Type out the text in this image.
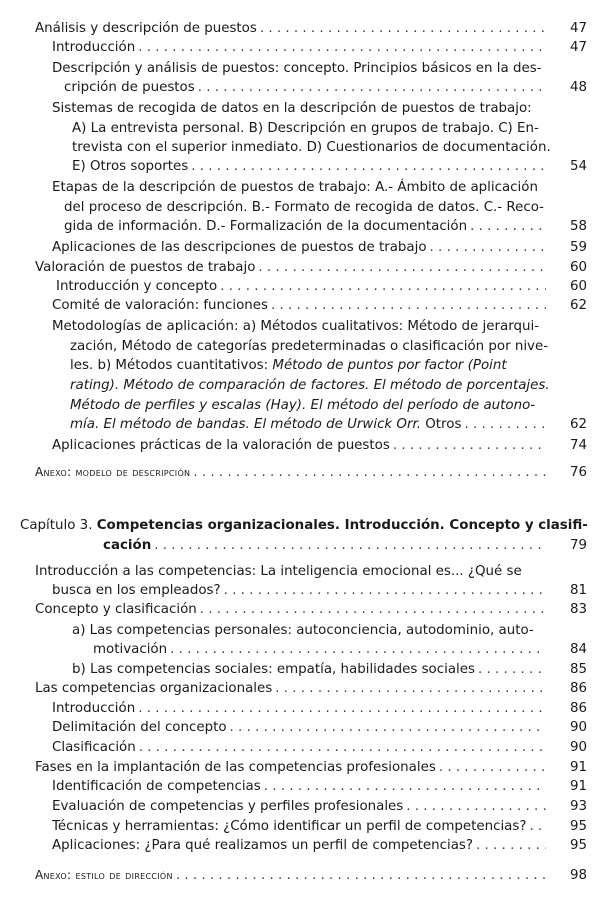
Análisis y descripción de puestos . . .	47
Introducción . . .	47
Descripción y análisis de puestos: concepto. Principios básicos en la des-
cripción de puestos . . .	48
Sistemas de recogida de datos en la descripción de puestos de trabajo:
A) La entrevista personal. B) Descripción en grupos de trabajo. C) En-
trevista con el superior inmediato. D) Cuestionarios de documentación.
E) Otros soportes . . .	54
Etapas de la descripción de puestos de trabajo: A.- Ámbito de aplicación
del proceso de descripción. B.- Formato de recogida de datos. C.- Reco-
gida de información. D.- Formalización de la documentación . . .	58
Aplicaciones de las descripciones de puestos de trabajo . . .	59
Valoración de puestos de trabajo . . .	60
Introducción y concepto . . .	60
Comité de valoración: funciones . . .	62
Metodologías de aplicación: a) Métodos cualitativos: Método de jerarqui-
zación, Método de categorías predeterminadas o clasificación por nive-
les. b) Métodos cuantitativos: Método de puntos por factor (Point
rating). Método de comparación de factores. El método de porcentajes.
Método de perfiles y escalas (Hay). El método del período de autono-
mía. El método de bandas. El método de Urwick Orr. Otros . . .	62
Aplicaciones prácticas de la valoración de puestos . . .	74
Anexo: modelo de descripción . . .	76
Capítulo 3. Competencias organizacionales. Introducción. Concepto y clasifi-
cación . . .	79
Introducción a las competencias: La inteligencia emocional es... ¿Qué se
busca en los empleados? . . .	81
Concepto y clasificación . . .	83
a) Las competencias personales: autoconciencia, autodominio, auto-
motivación . . .	84
b) Las competencias sociales: empatía, habilidades sociales . . .	85
Las competencias organizacionales . . .	86
Introducción . . .	86
Delimitación del concepto . . .	90
Clasificación . . .	90
Fases en la implantación de las competencias profesionales . . .	91
Identificación de competencias . . .	91
Evaluación de competencias y perfiles profesionales . . .	93
Técnicas y herramientas: ¿Cómo identificar un perfil de competencias? . . .	95
Aplicaciones: ¿Para qué realizamos un perfil de competencias? . . .	95
Anexo: estilo de dirección . . .	98
